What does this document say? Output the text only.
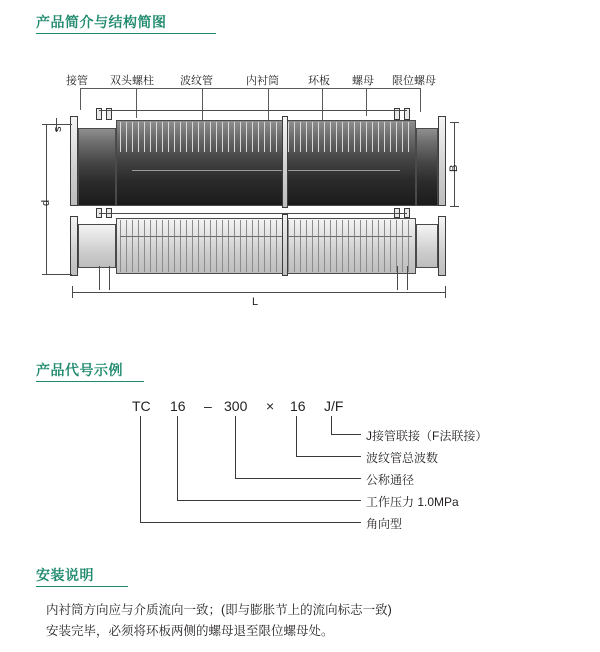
产品简介与结构简图
接管 双头螺柱 波纹管	内衬筒	环板 螺母 限位螺母
s
d
B
L
产品代号示例
TC 16 – 300 × 16 J/F
J接管联接（F法联接）
波纹管总波数
公称通径
工作压力 1.0MPa
角向型
安装说明
内衬筒方向应与介质流向一致；(即与膨胀节上的流向标志一致)
安装完毕，必须将环板两侧的螺母退至限位螺母处。
